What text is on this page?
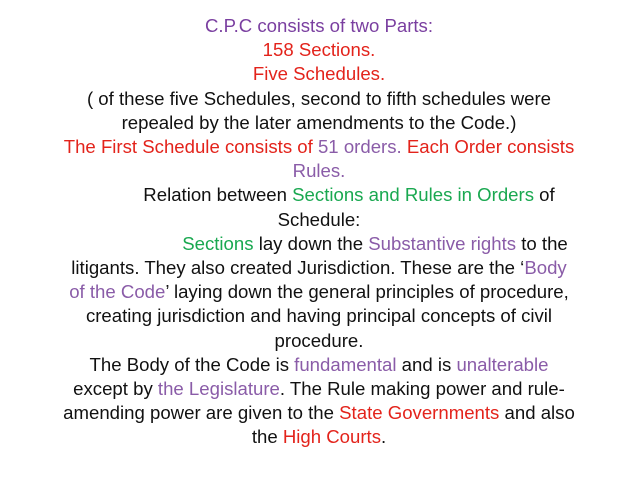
C.P.C consists of two Parts:
158 Sections.
Five Schedules.
( of these five Schedules, second to fifth schedules were
repealed by the later amendments to the Code.)
The First Schedule consists of 51 orders. Each Order consists
Rules.
Relation between Sections and Rules in Orders of
Schedule:
Sections lay down the Substantive rights to the
litigants. They also created Jurisdiction. These are the ‘Body
of the Code’ laying down the general principles of procedure,
creating jurisdiction and having principal concepts of civil
procedure.
The Body of the Code is fundamental and is unalterable
except by the Legislature. The Rule making power and rule-
amending power are given to the State Governments and also
the High Courts.
